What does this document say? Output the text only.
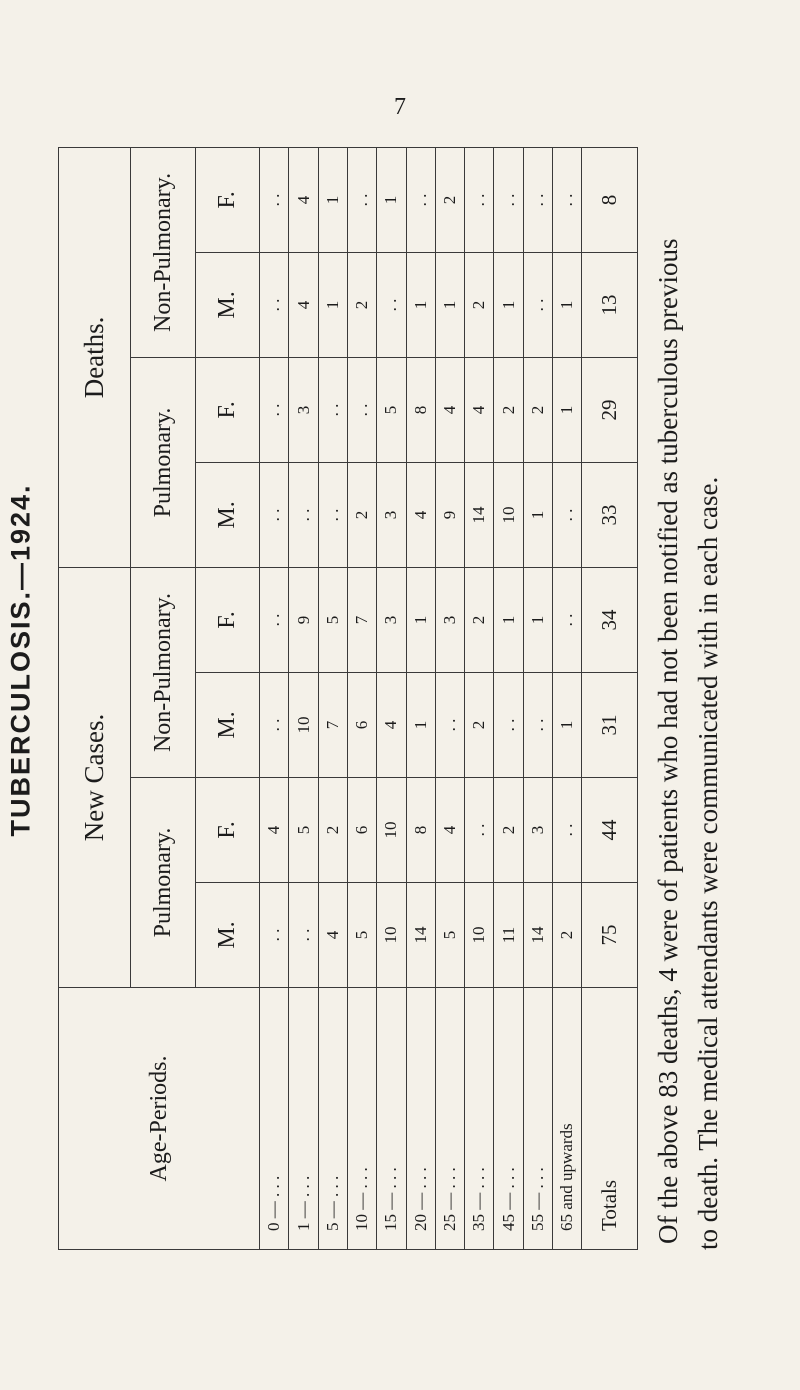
7
TUBERCULOSIS.—1924.
Age-Periods.	New Cases.				Deaths.			
	Pulmonary.		Non-Pulmonary.		Pulmonary.		Non-Pulmonary.	
	M.	F.	M.	F.	M.	F.	M.	F.
0 — . . .	. .	4	. .	. .	. .	. .	. .	. .
1 — . . .	. .	5	10	9	. .	3	4	4
5 — . . .	4	2	7	5	. .	. .	1	1
10 — . . .	5	6	6	7	2	. .	2	. .
15 — . . .	10	10	4	3	3	5	. .	1
20 — . . .	14	8	1	1	4	8	1	. .
25 — . . .	5	4	. .	3	9	4	1	2
35 — . . .	10	. .	2	2	14	4	2	. .
45 — . . .	11	2	. .	1	10	2	1	. .
55 — . . .	14	3	. .	1	1	2	. .	. .
65 and upwards	2	. .	1	. .	. .	1	1	. .
Totals	75	44	31	34	33	29	13	8

Of the above 83 deaths, 4 were of patients who had not been notified as tuberculous previous to death. The medical attendants were communicated with in each case.
